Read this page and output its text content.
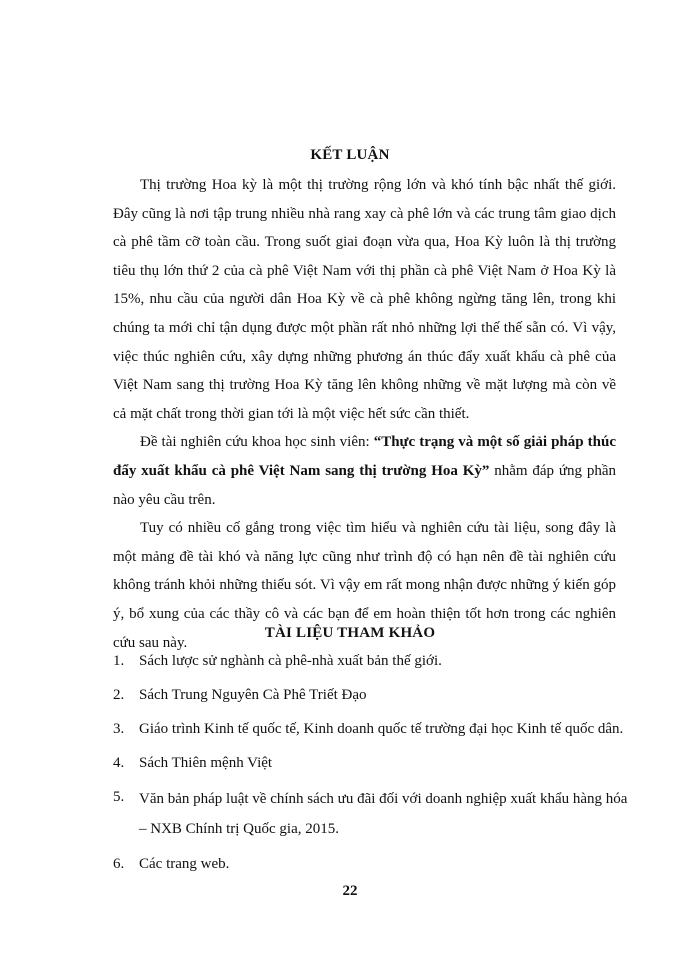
KẾT LUẬN

Thị trường Hoa kỳ là một thị trường rộng lớn và khó tính bậc nhất thế giới. Đây cũng là nơi tập trung nhiều nhà rang xay cà phê lớn và các trung tâm giao dịch cà phê tầm cỡ toàn cầu. Trong suốt giai đoạn vừa qua, Hoa Kỳ luôn là thị trường tiêu thụ lớn thứ 2 của cà phê Việt Nam với thị phần cà phê Việt Nam ở Hoa Kỳ là 15%, nhu cầu của người dân Hoa Kỳ về cà phê không ngừng tăng lên, trong khi chúng ta mới chỉ tận dụng được một phần rất nhỏ những lợi thế thế sẵn có. Vì vậy, việc thúc nghiên cứu, xây dựng những phương án thúc đẩy xuất khẩu cà phê của Việt Nam sang thị trường Hoa Kỳ tăng lên không những về mặt lượng mà còn về cả mặt chất trong thời gian tới là một việc hết sức cần thiết.

Đề tài nghiên cứu khoa học sinh viên: “Thực trạng và một số giải pháp thúc đẩy xuất khẩu cà phê Việt Nam sang thị trường Hoa Kỳ” nhằm đáp ứng phần nào yêu cầu trên.

Tuy có nhiều cố gắng trong việc tìm hiểu và nghiên cứu tài liệu, song đây là một mảng đề tài khó và năng lực cũng như trình độ có hạn nên đề tài nghiên cứu không tránh khỏi những thiếu sót. Vì vậy em rất mong nhận được những ý kiến góp ý, bổ xung của các thầy cô và các bạn để em hoàn thiện tốt hơn trong các nghiên cứu sau này.

TÀI LIỆU THAM KHẢO
1. Sách lược sử nghành cà phê-nhà xuất bản thế giới.
2. Sách Trung Nguyên Cà Phê Triết Đạo
3. Giáo trình Kinh tế quốc tế, Kinh doanh quốc tế trường đại học Kinh tế quốc dân.
4. Sách Thiên mệnh Việt
5. Văn bản pháp luật về chính sách ưu đãi đối với doanh nghiệp xuất khẩu hàng hóa – NXB Chính trị Quốc gia, 2015.
6. Các trang web.
22
